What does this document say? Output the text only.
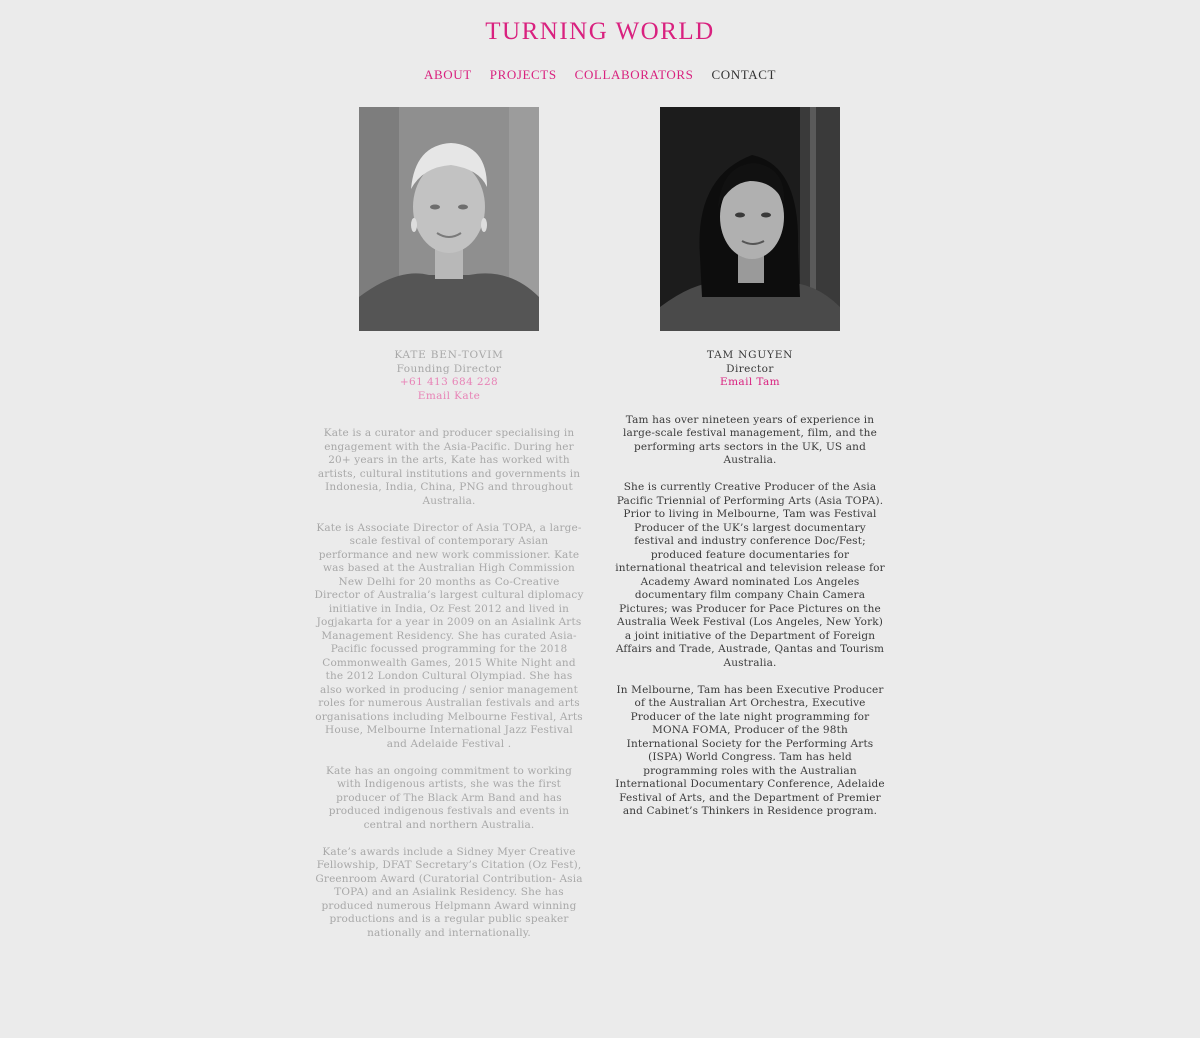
TURNING WORLD
ABOUT PROJECTS COLLABORATORS CONTACT
KATE BEN-TOVIM
Founding Director
+61 413 684 228
Email Kate

Kate is a curator and producer specialising in engagement with the Asia-Pacific. During her 20+ years in the arts, Kate has worked with artists, cultural institutions and governments in Indonesia, India, China, PNG and throughout Australia.

Kate is Associate Director of Asia TOPA, a large-scale festival of contemporary Asian performance and new work commissioner. Kate was based at the Australian High Commission New Delhi for 20 months as Co-Creative Director of Australia’s largest cultural diplomacy initiative in India, Oz Fest 2012 and lived in Jogjakarta for a year in 2009 on an Asialink Arts Management Residency. She has curated Asia- Pacific focussed programming for the 2018 Commonwealth Games, 2015 White Night and the 2012 London Cultural Olympiad. She has also worked in producing / senior management roles for numerous Australian festivals and arts organisations including Melbourne Festival, Arts House, Melbourne International Jazz Festival and Adelaide Festival .

Kate has an ongoing commitment to working with Indigenous artists, she was the first producer of The Black Arm Band and has produced indigenous festivals and events in central and northern Australia.

Kate’s awards include a Sidney Myer Creative Fellowship, DFAT Secretary’s Citation (Oz Fest), Greenroom Award (Curatorial Contribution- Asia TOPA) and an Asialink Residency. She has produced numerous Helpmann Award winning productions and is a regular public speaker nationally and internationally.

TAM NGUYEN
Director
Email Tam

Tam has over nineteen years of experience in large-scale festival management, film, and the performing arts sectors in the UK, US and Australia.

She is currently Creative Producer of the Asia Pacific Triennial of Performing Arts (Asia TOPA). Prior to living in Melbourne, Tam was Festival Producer of the UK’s largest documentary festival and industry conference Doc/Fest; produced feature documentaries for international theatrical and television release for Academy Award nominated Los Angeles documentary film company Chain Camera Pictures; was Producer for Pace Pictures on the Australia Week Festival (Los Angeles, New York) a joint initiative of the Department of Foreign Affairs and Trade, Austrade, Qantas and Tourism Australia.

In Melbourne, Tam has been Executive Producer of the Australian Art Orchestra, Executive Producer of the late night programming for MONA FOMA, Producer of the 98th International Society for the Performing Arts (ISPA) World Congress. Tam has held programming roles with the Australian International Documentary Conference, Adelaide Festival of Arts, and the Department of Premier and Cabinet’s Thinkers in Residence program.
